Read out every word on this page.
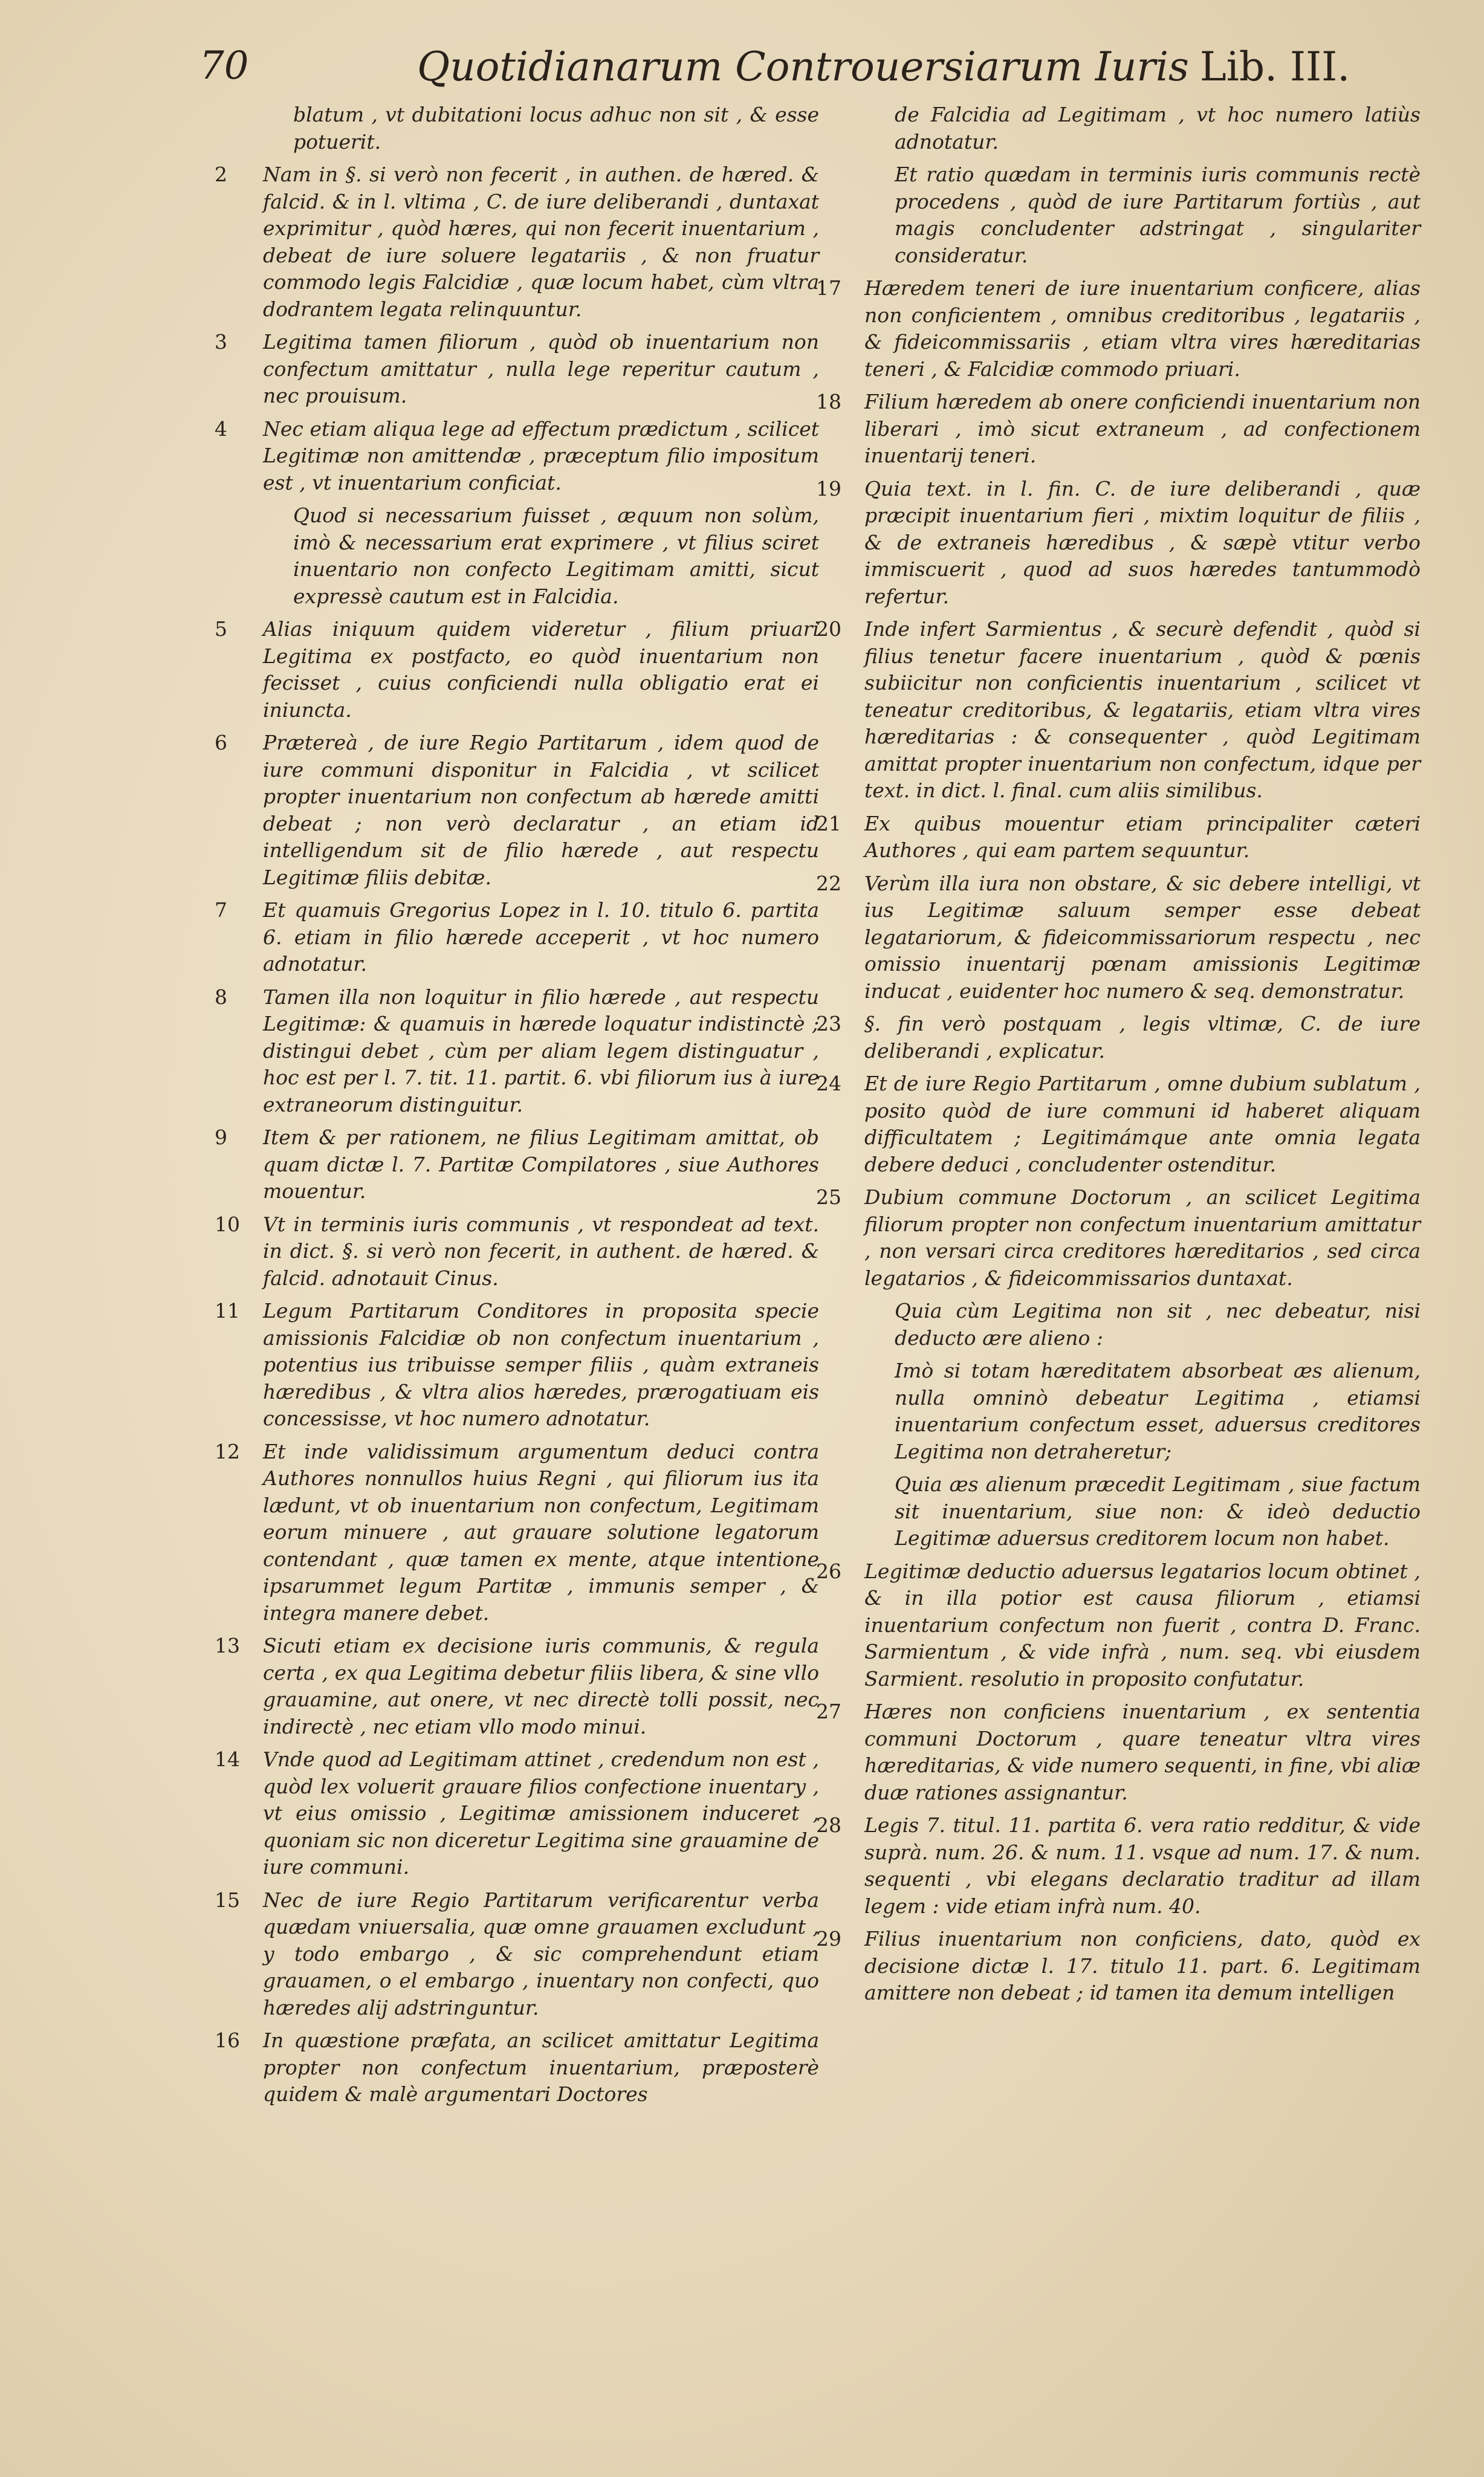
70	Quotidianarum Controuersiarum Iuris Lib. III.
blatum , vt dubitationi locus adhuc non sit , & esse potuerit.
2	Nam in §. si verò non fecerit , in authen. de hæred. & falcid. & in l. vltima , C. de iure deliberandi , duntaxat exprimitur , quòd hæres, qui non fecerit inuentarium , debeat de iure soluere legatariis , & non fruatur commodo legis Falcidiæ , quæ locum habet, cùm vltra dodrantem legata relinquuntur.
3	Legitima tamen filiorum , quòd ob inuentarium non confectum amittatur , nulla lege reperitur cautum , nec prouisum.
4	Nec etiam aliqua lege ad effectum prædictum , scilicet Legitimæ non amittendæ , præceptum filio impositum est , vt inuentarium conficiat.
Quod si necessarium fuisset , æquum non solùm, imò & necessarium erat exprimere , vt filius sciret inuentario non confecto Legitimam amitti, sicut expressè cautum est in Falcidia.
5	Alias iniquum quidem videretur , filium priuari Legitima ex postfacto, eo quòd inuentarium non fecisset , cuius conficiendi nulla obligatio erat ei iniuncta.
6	Prætereà , de iure Regio Partitarum , idem quod de iure communi disponitur in Falcidia , vt scilicet propter inuentarium non confectum ab hærede amitti debeat ; non verò declaratur , an etiam id intelligendum sit de filio hærede , aut respectu Legitimæ filiis debitæ.
7	Et quamuis Gregorius Lopez in l. 10. titulo 6. partita 6. etiam in filio hærede acceperit , vt hoc numero adnotatur.
8	Tamen illa non loquitur in filio hærede , aut respectu Legitimæ: & quamuis in hærede loquatur indistinctè ; distingui debet , cùm per aliam legem distinguatur , hoc est per l. 7. tit. 11. partit. 6. vbi filiorum ius à iure extraneorum distinguitur.
9	Item & per rationem, ne filius Legitimam amittat, ob quam dictæ l. 7. Partitæ Compilatores , siue Authores mouentur.
10	Vt in terminis iuris communis , vt respondeat ad text. in dict. §. si verò non fecerit, in authent. de hæred. & falcid. adnotauit Cinus.
11	Legum Partitarum Conditores in proposita specie amissionis Falcidiæ ob non confectum inuentarium , potentius ius tribuisse semper filiis , quàm extraneis hæredibus , & vltra alios hæredes, prærogatiuam eis concessisse, vt hoc numero adnotatur.
12	Et inde validissimum argumentum deduci contra Authores nonnullos huius Regni , qui filiorum ius ita lædunt, vt ob inuentarium non confectum, Legitimam eorum minuere , aut grauare solutione legatorum contendant , quæ tamen ex mente, atque intentione ipsarummet legum Partitæ , immunis semper , & integra manere debet.
13	Sicuti etiam ex decisione iuris communis, & regula certa , ex qua Legitima debetur filiis libera, & sine vllo grauamine, aut onere, vt nec directè tolli possit, nec indirectè , nec etiam vllo modo minui.
14	Vnde quod ad Legitimam attinet , credendum non est , quòd lex voluerit grauare filios confectione inuentary , vt eius omissio , Legitimæ amissionem induceret , quoniam sic non diceretur Legitima sine grauamine de iure communi.
15	Nec de iure Regio Partitarum verificarentur verba quædam vniuersalia, quæ omne grauamen excludunt , y todo embargo , & sic comprehendunt etiam grauamen, o el embargo , inuentary non confecti, quo hæredes alij adstringuntur.
16	In quæstione præfata, an scilicet amittatur Legitima propter non confectum inuentarium, præposterè quidem & malè argumentari Doctores
de Falcidia ad Legitimam , vt hoc numero latiùs adnotatur.
Et ratio quædam in terminis iuris communis rectè procedens , quòd de iure Partitarum fortiùs , aut magis concludenter adstringat , singulariter consideratur.
17	Hæredem teneri de iure inuentarium conficere, alias non conficientem , omnibus creditoribus , legatariis , & fideicommissariis , etiam vltra vires hæreditarias teneri , & Falcidiæ commodo priuari.
18	Filium hæredem ab onere conficiendi inuentarium non liberari , imò sicut extraneum , ad confectionem inuentarij teneri.
19	Quia text. in l. fin. C. de iure deliberandi , quæ præcipit inuentarium fieri , mixtim loquitur de filiis , & de extraneis hæredibus , & sæpè vtitur verbo immiscuerit , quod ad suos hæredes tantummodò refertur.
20	Inde infert Sarmientus , & securè defendit , quòd si filius tenetur facere inuentarium , quòd & pœnis subiicitur non conficientis inuentarium , scilicet vt teneatur creditoribus, & legatariis, etiam vltra vires hæreditarias : & consequenter , quòd Legitimam amittat propter inuentarium non confectum, idque per text. in dict. l. final. cum aliis similibus.
21	Ex quibus mouentur etiam principaliter cæteri Authores , qui eam partem sequuntur.
22	Verùm illa iura non obstare, & sic debere intelligi, vt ius Legitimæ saluum semper esse debeat legatariorum, & fideicommissariorum respectu , nec omissio inuentarij pœnam amissionis Legitimæ inducat , euidenter hoc numero & seq. demonstratur.
23	§. fin verò postquam , legis vltimæ, C. de iure deliberandi , explicatur.
24	Et de iure Regio Partitarum , omne dubium sublatum , posito quòd de iure communi id haberet aliquam difficultatem ; Legitimámque ante omnia legata debere deduci , concludenter ostenditur.
25	Dubium commune Doctorum , an scilicet Legitima filiorum propter non confectum inuentarium amittatur , non versari circa creditores hæreditarios , sed circa legatarios , & fideicommissarios duntaxat.
Quia cùm Legitima non sit , nec debeatur, nisi deducto ære alieno :
Imò si totam hæreditatem absorbeat æs alienum, nulla omninò debeatur Legitima , etiamsi inuentarium confectum esset, aduersus creditores Legitima non detraheretur;
Quia æs alienum præcedit Legitimam , siue factum sit inuentarium, siue non: & ideò deductio Legitimæ aduersus creditorem locum non habet.
26	Legitimæ deductio aduersus legatarios locum obtinet , & in illa potior est causa filiorum , etiamsi inuentarium confectum non fuerit , contra D. Franc. Sarmientum , & vide infrà , num. seq. vbi eiusdem Sarmient. resolutio in proposito confutatur.
27	Hæres non conficiens inuentarium , ex sententia communi Doctorum , quare teneatur vltra vires hæreditarias, & vide numero sequenti, in fine, vbi aliæ duæ rationes assignantur.
28	Legis 7. titul. 11. partita 6. vera ratio redditur, & vide suprà. num. 26. & num. 11. vsque ad num. 17. & num. sequenti , vbi elegans declaratio traditur ad illam legem : vide etiam infrà num. 40.
29	Filius inuentarium non conficiens, dato, quòd ex decisione dictæ l. 17. titulo 11. part. 6. Legitimam amittere non debeat ; id tamen ita demum intelligen
